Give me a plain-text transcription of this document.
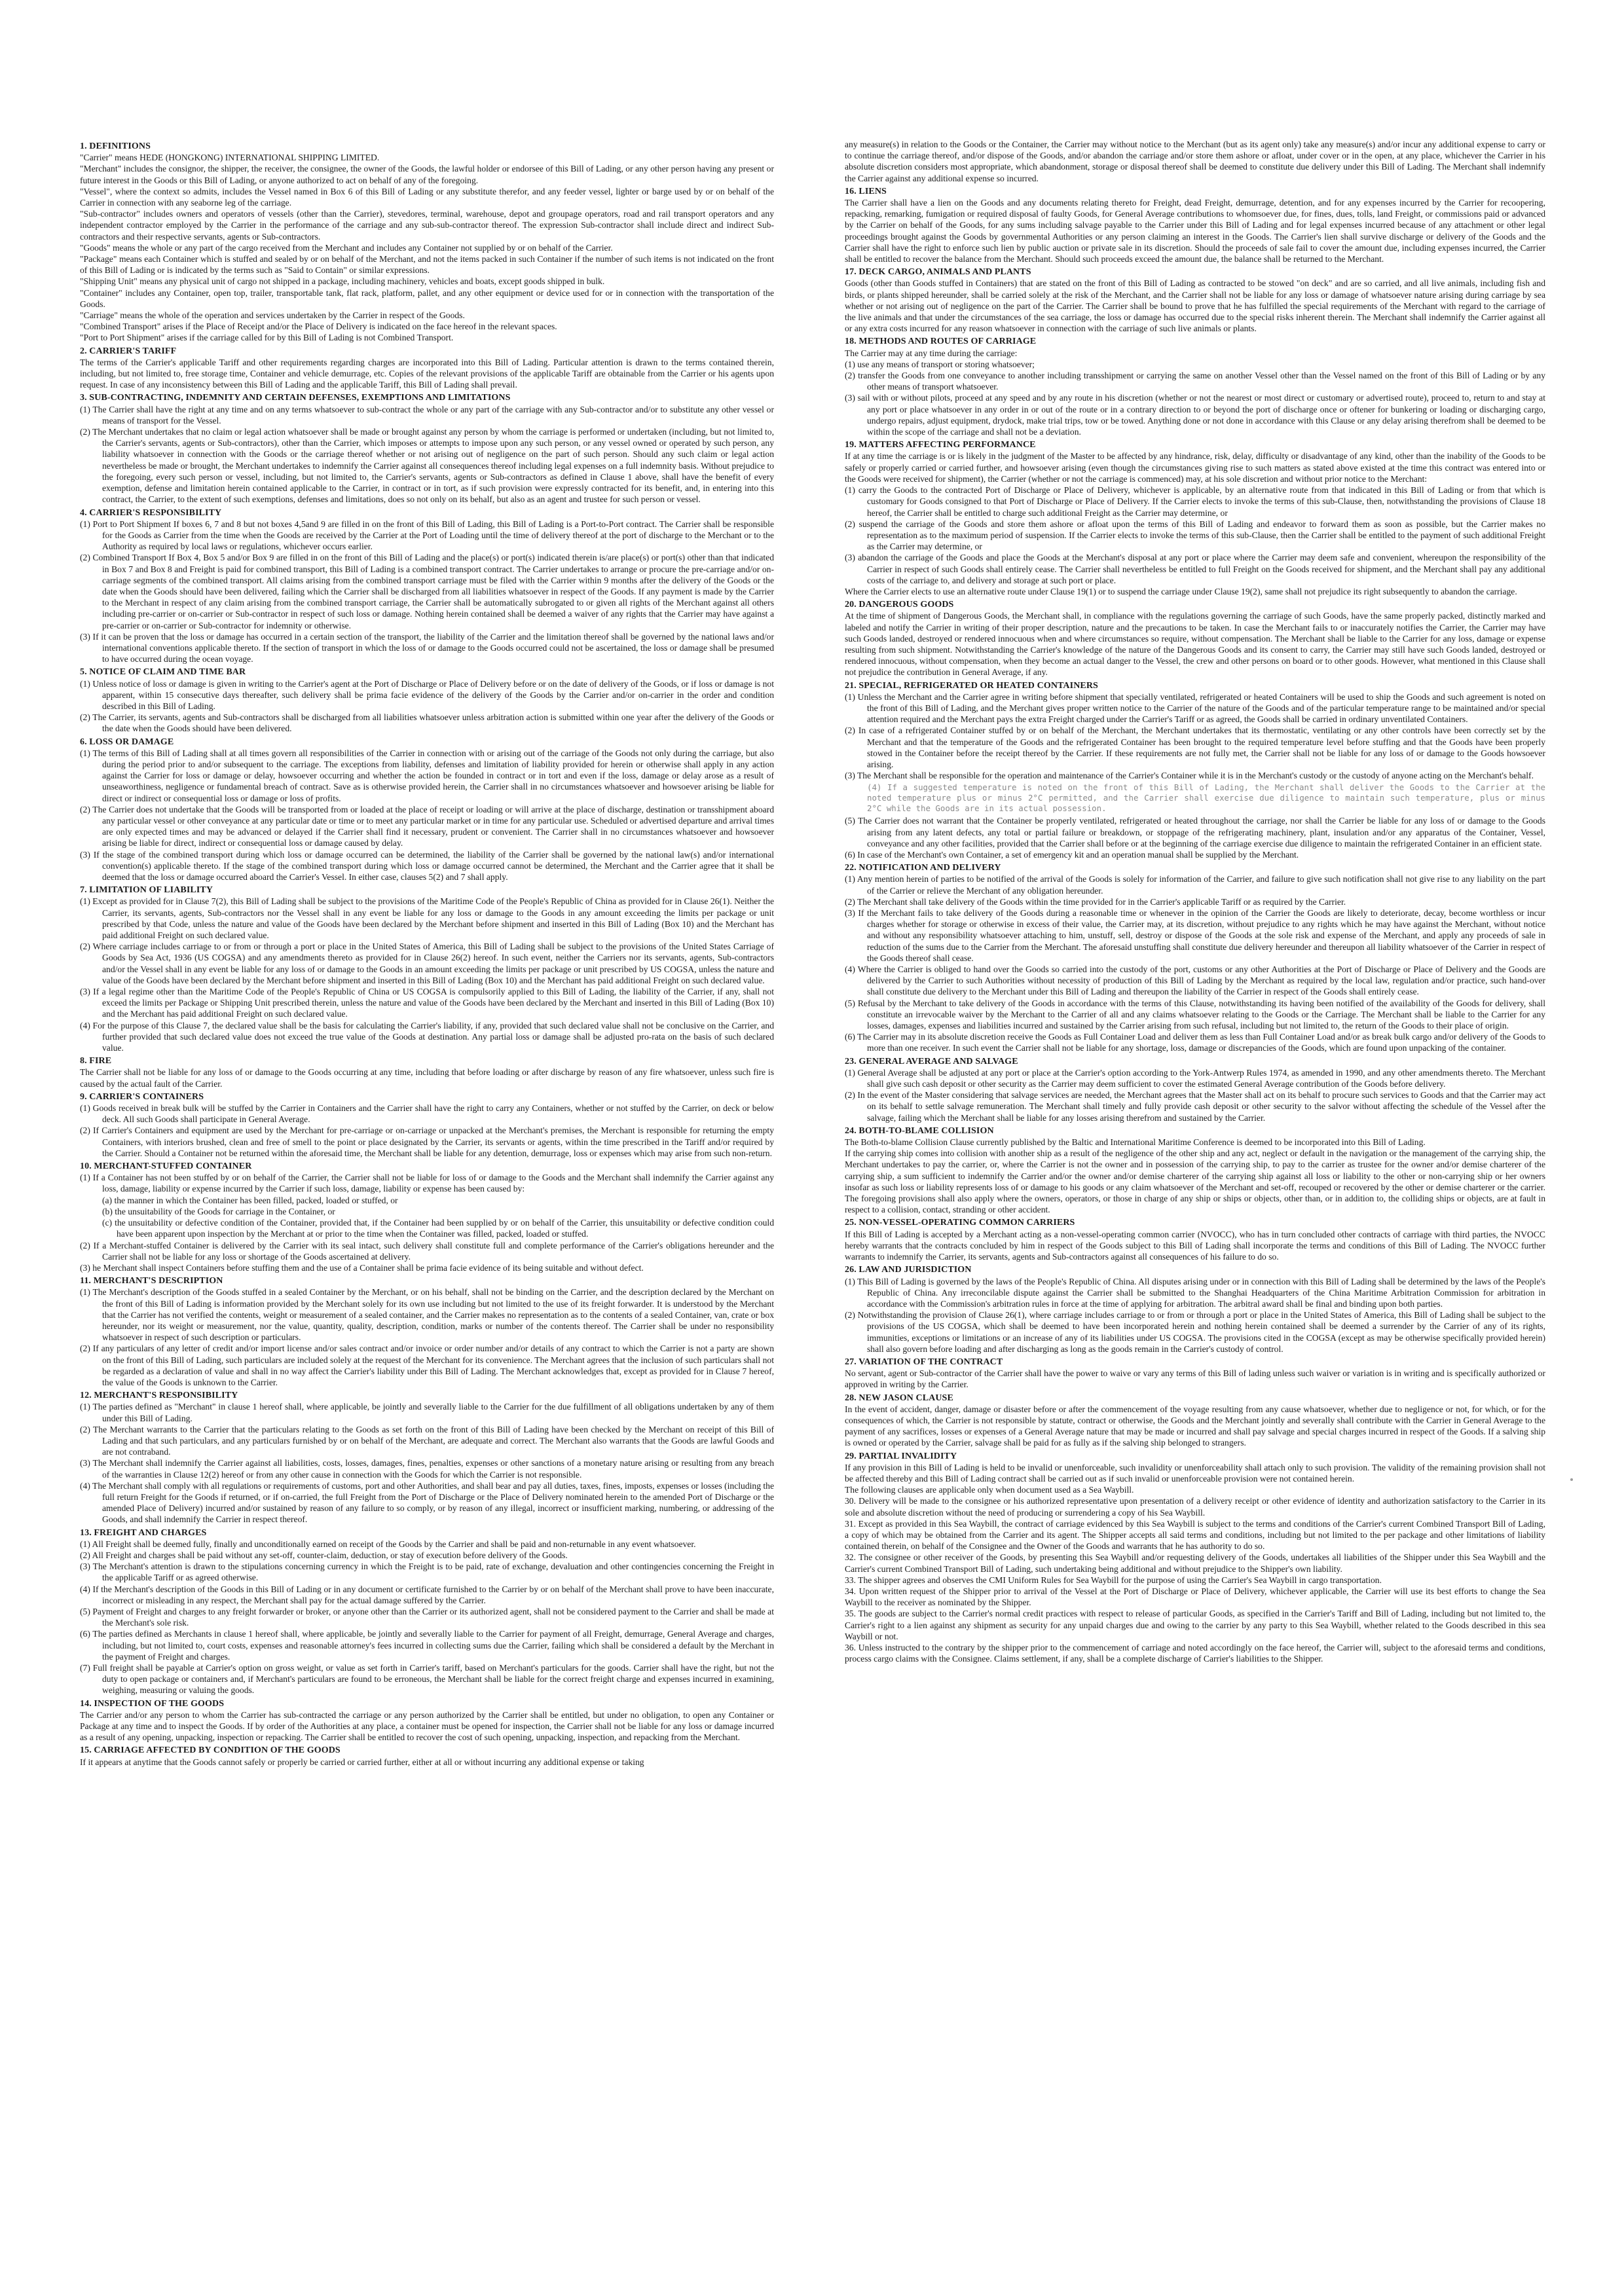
1. DEFINITIONS

"Carrier" means HEDE (HONGKONG) INTERNATIONAL SHIPPING LIMITED.

"Merchant" includes the consignor, the shipper, the receiver, the consignee, the owner of the Goods, the lawful holder or endorsee of this Bill of Lading, or any other person having any present or future interest in the Goods or this Bill of Lading, or anyone authorized to act on behalf of any of the foregoing.

"Vessel", where the context so admits, includes the Vessel named in Box 6 of this Bill of Lading or any substitute therefor, and any feeder vessel, lighter or barge used by or on behalf of the Carrier in connection with any seaborne leg of the carriage.

"Sub-contractor" includes owners and operators of vessels (other than the Carrier), stevedores, terminal, warehouse, depot and groupage operators, road and rail transport operators and any independent contractor employed by the Carrier in the performance of the carriage and any sub-sub-contractor thereof. The expression Sub-contractor shall include direct and indirect Sub-contractors and their respective servants, agents or Sub-contractors.

"Goods" means the whole or any part of the cargo received from the Merchant and includes any Container not supplied by or on behalf of the Carrier.

"Package" means each Container which is stuffed and sealed by or on behalf of the Merchant, and not the items packed in such Container if the number of such items is not indicated on the front of this Bill of Lading or is indicated by the terms such as "Said to Contain" or similar expressions.

"Shipping Unit" means any physical unit of cargo not shipped in a package, including machinery, vehicles and boats, except goods shipped in bulk.

"Container" includes any Container, open top, trailer, transportable tank, flat rack, platform, pallet, and any other equipment or device used for or in connection with the transportation of the Goods.

"Carriage" means the whole of the operation and services undertaken by the Carrier in respect of the Goods.

"Combined Transport" arises if the Place of Receipt and/or the Place of Delivery is indicated on the face hereof in the relevant spaces.

"Port to Port Shipment" arises if the carriage called for by this Bill of Lading is not Combined Transport.

2. CARRIER'S TARIFF

The terms of the Carrier's applicable Tariff and other requirements regarding charges are incorporated into this Bill of Lading. Particular attention is drawn to the terms contained therein, including, but not limited to, free storage time, Container and vehicle demurrage, etc. Copies of the relevant provisions of the applicable Tariff are obtainable from the Carrier or his agents upon request. In case of any inconsistency between this Bill of Lading and the applicable Tariff, this Bill of Lading shall prevail.

3. SUB-CONTRACTING, INDEMNITY AND CERTAIN DEFENSES, EXEMPTIONS AND LIMITATIONS

(1) The Carrier shall have the right at any time and on any terms whatsoever to sub-contract the whole or any part of the carriage with any Sub-contractor and/or to substitute any other vessel or means of transport for the Vessel.

(2) The Merchant undertakes that no claim or legal action whatsoever shall be made or brought against any person by whom the carriage is performed or undertaken (including, but not limited to, the Carrier's servants, agents or Sub-contractors), other than the Carrier, which imposes or attempts to impose upon any such person, or any vessel owned or operated by such person, any liability whatsoever in connection with the Goods or the carriage thereof whether or not arising out of negligence on the part of such person. Should any such claim or legal action nevertheless be made or brought, the Merchant undertakes to indemnify the Carrier against all consequences thereof including legal expenses on a full indemnity basis. Without prejudice to the foregoing, every such person or vessel, including, but not limited to, the Carrier's servants, agents or Sub-contractors as defined in Clause 1 above, shall have the benefit of every exemption, defense and limitation herein contained applicable to the Carrier, in contract or in tort, as if such provision were expressly contracted for its benefit, and, in entering into this contract, the Carrier, to the extent of such exemptions, defenses and limitations, does so not only on its behalf, but also as an agent and trustee for such person or vessel.

4. CARRIER'S RESPONSIBILITY

(1) Port to Port Shipment If boxes 6, 7 and 8 but not boxes 4,5and 9 are filled in on the front of this Bill of Lading, this Bill of Lading is a Port-to-Port contract. The Carrier shall be responsible for the Goods as Carrier from the time when the Goods are received by the Carrier at the Port of Loading until the time of delivery thereof at the port of discharge to the Merchant or to the Authority as required by local laws or regulations, whichever occurs earlier.

(2) Combined Transport If Box 4, Box 5 and/or Box 9 are filled in on the front of this Bill of Lading and the place(s) or port(s) indicated therein is/are place(s) or port(s) other than that indicated in Box 7 and Box 8 and Freight is paid for combined transport, this Bill of Lading is a combined transport contract. The Carrier undertakes to arrange or procure the pre-carriage and/or on-carriage segments of the combined transport. All claims arising from the combined transport carriage must be filed with the Carrier within 9 months after the delivery of the Goods or the date when the Goods should have been delivered, failing which the Carrier shall be discharged from all liabilities whatsoever in respect of the Goods. If any payment is made by the Carrier to the Merchant in respect of any claim arising from the combined transport carriage, the Carrier shall be automatically subrogated to or given all rights of the Merchant against all others including pre-carrier or on-carrier or Sub-contractor in respect of such loss or damage. Nothing herein contained shall be deemed a waiver of any rights that the Carrier may have against a pre-carrier or on-carrier or Sub-contractor for indemnity or otherwise.

(3) If it can be proven that the loss or damage has occurred in a certain section of the transport, the liability of the Carrier and the limitation thereof shall be governed by the national laws and/or international conventions applicable thereto. If the section of transport in which the loss of or damage to the Goods occurred could not be ascertained, the loss or damage shall be presumed to have occurred during the ocean voyage.

5. NOTICE OF CLAIM AND TIME BAR

(1) Unless notice of loss or damage is given in writing to the Carrier's agent at the Port of Discharge or Place of Delivery before or on the date of delivery of the Goods, or if loss or damage is not apparent, within 15 consecutive days thereafter, such delivery shall be prima facie evidence of the delivery of the Goods by the Carrier and/or on-carrier in the order and condition described in this Bill of Lading.

(2) The Carrier, its servants, agents and Sub-contractors shall be discharged from all liabilities whatsoever unless arbitration action is submitted within one year after the delivery of the Goods or the date when the Goods should have been delivered.

6. LOSS OR DAMAGE

(1) The terms of this Bill of Lading shall at all times govern all responsibilities of the Carrier in connection with or arising out of the carriage of the Goods not only during the carriage, but also during the period prior to and/or subsequent to the carriage. The exceptions from liability, defenses and limitation of liability provided for herein or otherwise shall apply in any action against the Carrier for loss or damage or delay, howsoever occurring and whether the action be founded in contract or in tort and even if the loss, damage or delay arose as a result of unseaworthiness, negligence or fundamental breach of contract. Save as is otherwise provided herein, the Carrier shall in no circumstances whatsoever and howsoever arising be liable for direct or indirect or consequential loss or damage or loss of profits.

(2) The Carrier does not undertake that the Goods will be transported from or loaded at the place of receipt or loading or will arrive at the place of discharge, destination or transshipment aboard any particular vessel or other conveyance at any particular date or time or to meet any particular market or in time for any particular use. Scheduled or advertised departure and arrival times are only expected times and may be advanced or delayed if the Carrier shall find it necessary, prudent or convenient. The Carrier shall in no circumstances whatsoever and howsoever arising be liable for direct, indirect or consequential loss or damage caused by delay.

(3) If the stage of the combined transport during which loss or damage occurred can be determined, the liability of the Carrier shall be governed by the national law(s) and/or international convention(s) applicable thereto. If the stage of the combined transport during which loss or damage occurred cannot be determined, the Merchant and the Carrier agree that it shall be deemed that the loss or damage occurred aboard the Carrier's Vessel. In either case, clauses 5(2) and 7 shall apply.

7. LIMITATION OF LIABILITY

(1) Except as provided for in Clause 7(2), this Bill of Lading shall be subject to the provisions of the Maritime Code of the People's Republic of China as provided for in Clause 26(1). Neither the Carrier, its servants, agents, Sub-contractors nor the Vessel shall in any event be liable for any loss or damage to the Goods in any amount exceeding the limits per package or unit prescribed by that Code, unless the nature and value of the Goods have been declared by the Merchant before shipment and inserted in this Bill of Lading (Box 10) and the Merchant has paid additional Freight on such declared value.

(2) Where carriage includes carriage to or from or through a port or place in the United States of America, this Bill of Lading shall be subject to the provisions of the United States Carriage of Goods by Sea Act, 1936 (US COGSA) and any amendments thereto as provided for in Clause 26(2) hereof. In such event, neither the Carriers nor its servants, agents, Sub-contractors and/or the Vessel shall in any event be liable for any loss of or damage to the Goods in an amount exceeding the limits per package or unit prescribed by US COGSA, unless the nature and value of the Goods have been declared by the Merchant before shipment and inserted in this Bill of Lading (Box 10) and the Merchant has paid additional Freight on such declared value.

(3) If a legal regime other than the Maritime Code of the People's Republic of China or US COGSA is compulsorily applied to this Bill of Lading, the liability of the Carrier, if any, shall not exceed the limits per Package or Shipping Unit prescribed therein, unless the nature and value of the Goods have been declared by the Merchant and inserted in this Bill of Lading (Box 10) and the Merchant has paid additional Freight on such declared value.

(4) For the purpose of this Clause 7, the declared value shall be the basis for calculating the Carrier's liability, if any, provided that such declared value shall not be conclusive on the Carrier, and further provided that such declared value does not exceed the true value of the Goods at destination. Any partial loss or damage shall be adjusted pro-rata on the basis of such declared value.

8. FIRE

The Carrier shall not be liable for any loss of or damage to the Goods occurring at any time, including that before loading or after discharge by reason of any fire whatsoever, unless such fire is caused by the actual fault of the Carrier.

9. CARRIER'S CONTAINERS

(1) Goods received in break bulk will be stuffed by the Carrier in Containers and the Carrier shall have the right to carry any Containers, whether or not stuffed by the Carrier, on deck or below deck. All such Goods shall participate in General Average.

(2) If Carrier's Containers and equipment are used by the Merchant for pre-carriage or on-carriage or unpacked at the Merchant's premises, the Merchant is responsible for returning the empty Containers, with interiors brushed, clean and free of smell to the point or place designated by the Carrier, its servants or agents, within the time prescribed in the Tariff and/or required by the Carrier. Should a Container not be returned within the aforesaid time, the Merchant shall be liable for any detention, demurrage, loss or expenses which may arise from such non-return.

10. MERCHANT-STUFFED CONTAINER

(1) If a Container has not been stuffed by or on behalf of the Carrier, the Carrier shall not be liable for loss of or damage to the Goods and the Merchant shall indemnify the Carrier against any loss, damage, liability or expense incurred by the Carrier if such loss, damage, liability or expense has been caused by:

(a) the manner in which the Container has been filled, packed, loaded or stuffed, or

(b) the unsuitability of the Goods for carriage in the Container, or

(c) the unsuitability or defective condition of the Container, provided that, if the Container had been supplied by or on behalf of the Carrier, this unsuitability or defective condition could have been apparent upon inspection by the Merchant at or prior to the time when the Container was filled, packed, loaded or stuffed.

(2) If a Merchant-stuffed Container is delivered by the Carrier with its seal intact, such delivery shall constitute full and complete performance of the Carrier's obligations hereunder and the Carrier shall not be liable for any loss or shortage of the Goods ascertained at delivery.

(3) he Merchant shall inspect Containers before stuffing them and the use of a Container shall be prima facie evidence of its being suitable and without defect.

11. MERCHANT'S DESCRIPTION

(1) The Merchant's description of the Goods stuffed in a sealed Container by the Merchant, or on his behalf, shall not be binding on the Carrier, and the description declared by the Merchant on the front of this Bill of Lading is information provided by the Merchant solely for its own use including but not limited to the use of its freight forwarder. It is understood by the Merchant that the Carrier has not verified the contents, weight or measurement of a sealed container, and the Carrier makes no representation as to the contents of a sealed Container, van, crate or box hereunder, nor its weight or measurement, nor the value, quantity, quality, description, condition, marks or number of the contents thereof. The Carrier shall be under no responsibility whatsoever in respect of such description or particulars.

(2) If any particulars of any letter of credit and/or import license and/or sales contract and/or invoice or order number and/or details of any contract to which the Carrier is not a party are shown on the front of this Bill of Lading, such particulars are included solely at the request of the Merchant for its convenience. The Merchant agrees that the inclusion of such particulars shall not be regarded as a declaration of value and shall in no way affect the Carrier's liability under this Bill of Lading. The Merchant acknowledges that, except as provided for in Clause 7 hereof, the value of the Goods is unknown to the Carrier.

12. MERCHANT'S RESPONSIBILITY

(1) The parties defined as "Merchant" in clause 1 hereof shall, where applicable, be jointly and severally liable to the Carrier for the due fulfillment of all obligations undertaken by any of them under this Bill of Lading.

(2) The Merchant warrants to the Carrier that the particulars relating to the Goods as set forth on the front of this Bill of Lading have been checked by the Merchant on receipt of this Bill of Lading and that such particulars, and any particulars furnished by or on behalf of the Merchant, are adequate and correct. The Merchant also warrants that the Goods are lawful Goods and are not contraband.

(3) The Merchant shall indemnify the Carrier against all liabilities, costs, losses, damages, fines, penalties, expenses or other sanctions of a monetary nature arising or resulting from any breach of the warranties in Clause 12(2) hereof or from any other cause in connection with the Goods for which the Carrier is not responsible.

(4) The Merchant shall comply with all regulations or requirements of customs, port and other Authorities, and shall bear and pay all duties, taxes, fines, imposts, expenses or losses (including the full return Freight for the Goods if returned, or if on-carried, the full Freight from the Port of Discharge or the Place of Delivery nominated herein to the amended Port of Discharge or the amended Place of Delivery) incurred and/or sustained by reason of any failure to so comply, or by reason of any illegal, incorrect or insufficient marking, numbering, or addressing of the Goods, and shall indemnify the Carrier in respect thereof.

13. FREIGHT AND CHARGES

(1) All Freight shall be deemed fully, finally and unconditionally earned on receipt of the Goods by the Carrier and shall be paid and non-returnable in any event whatsoever.

(2) All Freight and charges shall be paid without any set-off, counter-claim, deduction, or stay of execution before delivery of the Goods.

(3) The Merchant's attention is drawn to the stipulations concerning currency in which the Freight is to be paid, rate of exchange, devaluation and other contingencies concerning the Freight in the applicable Tariff or as agreed otherwise.

(4) If the Merchant's description of the Goods in this Bill of Lading or in any document or certificate furnished to the Carrier by or on behalf of the Merchant shall prove to have been inaccurate, incorrect or misleading in any respect, the Merchant shall pay for the actual damage suffered by the Carrier.

(5) Payment of Freight and charges to any freight forwarder or broker, or anyone other than the Carrier or its authorized agent, shall not be considered payment to the Carrier and shall be made at the Merchant's sole risk.

(6) The parties defined as Merchants in clause 1 hereof shall, where applicable, be jointly and severally liable to the Carrier for payment of all Freight, demurrage, General Average and charges, including, but not limited to, court costs, expenses and reasonable attorney's fees incurred in collecting sums due the Carrier, failing which shall be considered a default by the Merchant in the payment of Freight and charges.

(7) Full freight shall be payable at Carrier's option on gross weight, or value as set forth in Carrier's tariff, based on Merchant's particulars for the goods. Carrier shall have the right, but not the duty to open package or containers and, if Merchant's particulars are found to be erroneous, the Merchant shall be liable for the correct freight charge and expenses incurred in examining, weighing, measuring or valuing the goods.

14. INSPECTION OF THE GOODS

The Carrier and/or any person to whom the Carrier has sub-contracted the carriage or any person authorized by the Carrier shall be entitled, but under no obligation, to open any Container or Package at any time and to inspect the Goods. If by order of the Authorities at any place, a container must be opened for inspection, the Carrier shall not be liable for any loss or damage incurred as a result of any opening, unpacking, inspection or repacking. The Carrier shall be entitled to recover the cost of such opening, unpacking, inspection, and repacking from the Merchant.

15. CARRIAGE AFFECTED BY CONDITION OF THE GOODS

If it appears at anytime that the Goods cannot safely or properly be carried or carried further, either at all or without incurring any additional expense or taking

any measure(s) in relation to the Goods or the Container, the Carrier may without notice to the Merchant (but as its agent only) take any measure(s) and/or incur any additional expense to carry or to continue the carriage thereof, and/or dispose of the Goods, and/or abandon the carriage and/or store them ashore or afloat, under cover or in the open, at any place, whichever the Carrier in his absolute discretion considers most appropriate, which abandonment, storage or disposal thereof shall be deemed to constitute due delivery under this Bill of Lading. The Merchant shall indemnify the Carrier against any additional expense so incurred.

16. LIENS

The Carrier shall have a lien on the Goods and any documents relating thereto for Freight, dead Freight, demurrage, detention, and for any expenses incurred by the Carrier for recoopering, repacking, remarking, fumigation or required disposal of faulty Goods, for General Average contributions to whomsoever due, for fines, dues, tolls, land Freight, or commissions paid or advanced by the Carrier on behalf of the Goods, for any sums including salvage payable to the Carrier under this Bill of Lading and for legal expenses incurred because of any attachment or other legal proceedings brought against the Goods by governmental Authorities or any person claiming an interest in the Goods. The Carrier's lien shall survive discharge or delivery of the Goods and the Carrier shall have the right to enforce such lien by public auction or private sale in its discretion. Should the proceeds of sale fail to cover the amount due, including expenses incurred, the Carrier shall be entitled to recover the balance from the Merchant. Should such proceeds exceed the amount due, the balance shall be returned to the Merchant.

17. DECK CARGO, ANIMALS AND PLANTS

Goods (other than Goods stuffed in Containers) that are stated on the front of this Bill of Lading as contracted to be stowed "on deck" and are so carried, and all live animals, including fish and birds, or plants shipped hereunder, shall be carried solely at the risk of the Merchant, and the Carrier shall not be liable for any loss or damage of whatsoever nature arising during carriage by sea whether or not arising out of negligence on the part of the Carrier. The Carrier shall be bound to prove that he has fulfilled the special requirements of the Merchant with regard to the carriage of the live animals and that under the circumstances of the sea carriage, the loss or damage has occurred due to the special risks inherent therein. The Merchant shall indemnify the Carrier against all or any extra costs incurred for any reason whatsoever in connection with the carriage of such live animals or plants.

18. METHODS AND ROUTES OF CARRIAGE

The Carrier may at any time during the carriage:

(1) use any means of transport or storing whatsoever;

(2) transfer the Goods from one conveyance to another including transshipment or carrying the same on another Vessel other than the Vessel named on the front of this Bill of Lading or by any other means of transport whatsoever.

(3) sail with or without pilots, proceed at any speed and by any route in his discretion (whether or not the nearest or most direct or customary or advertised route), proceed to, return to and stay at any port or place whatsoever in any order in or out of the route or in a contrary direction to or beyond the port of discharge once or oftener for bunkering or loading or discharging cargo, undergo repairs, adjust equipment, drydock, make trial trips, tow or be towed. Anything done or not done in accordance with this Clause or any delay arising therefrom shall be deemed to be within the scope of the carriage and shall not be a deviation.

19. MATTERS AFFECTING PERFORMANCE

If at any time the carriage is or is likely in the judgment of the Master to be affected by any hindrance, risk, delay, difficulty or disadvantage of any kind, other than the inability of the Goods to be safely or properly carried or carried further, and howsoever arising (even though the circumstances giving rise to such matters as stated above existed at the time this contract was entered into or the Goods were received for shipment), the Carrier (whether or not the carriage is commenced) may, at his sole discretion and without prior notice to the Merchant:

(1) carry the Goods to the contracted Port of Discharge or Place of Delivery, whichever is applicable, by an alternative route from that indicated in this Bill of Lading or from that which is customary for Goods consigned to that Port of Discharge or Place of Delivery. If the Carrier elects to invoke the terms of this sub-Clause, then, notwithstanding the provisions of Clause 18 hereof, the Carrier shall be entitled to charge such additional Freight as the Carrier may determine, or

(2) suspend the carriage of the Goods and store them ashore or afloat upon the terms of this Bill of Lading and endeavor to forward them as soon as possible, but the Carrier makes no representation as to the maximum period of suspension. If the Carrier elects to invoke the terms of this sub-Clause, then the Carrier shall be entitled to the payment of such additional Freight as the Carrier may determine, or

(3) abandon the carriage of the Goods and place the Goods at the Merchant's disposal at any port or place where the Carrier may deem safe and convenient, whereupon the responsibility of the Carrier in respect of such Goods shall entirely cease. The Carrier shall nevertheless be entitled to full Freight on the Goods received for shipment, and the Merchant shall pay any additional costs of the carriage to, and delivery and storage at such port or place.

Where the Carrier elects to use an alternative route under Clause 19(1) or to suspend the carriage under Clause 19(2), same shall not prejudice its right subsequently to abandon the carriage.

20. DANGEROUS GOODS

At the time of shipment of Dangerous Goods, the Merchant shall, in compliance with the regulations governing the carriage of such Goods, have the same properly packed, distinctly marked and labeled and notify the Carrier in writing of their proper description, nature and the precautions to be taken. In case the Merchant fails to or inaccurately notifies the Carrier, the Carrier may have such Goods landed, destroyed or rendered innocuous when and where circumstances so require, without compensation. The Merchant shall be liable to the Carrier for any loss, damage or expense resulting from such shipment. Notwithstanding the Carrier's knowledge of the nature of the Dangerous Goods and its consent to carry, the Carrier may still have such Goods landed, destroyed or rendered innocuous, without compensation, when they become an actual danger to the Vessel, the crew and other persons on board or to other goods. However, what mentioned in this Clause shall not prejudice the contribution in General Average, if any.

21. SPECIAL, REFRIGERATED OR HEATED CONTAINERS

(1) Unless the Merchant and the Carrier agree in writing before shipment that specially ventilated, refrigerated or heated Containers will be used to ship the Goods and such agreement is noted on the front of this Bill of Lading, and the Merchant gives proper written notice to the Carrier of the nature of the Goods and of the particular temperature range to be maintained and/or special attention required and the Merchant pays the extra Freight charged under the Carrier's Tariff or as agreed, the Goods shall be carried in ordinary unventilated Containers.

(2) In case of a refrigerated Container stuffed by or on behalf of the Merchant, the Merchant undertakes that its thermostatic, ventilating or any other controls have been correctly set by the Merchant and that the temperature of the Goods and the refrigerated Container has been brought to the required temperature level before stuffing and that the Goods have been properly stowed in the Container before the receipt thereof by the Carrier. If these requirements are not fully met, the Carrier shall not be liable for any loss of or damage to the Goods howsoever arising.

(3) The Merchant shall be responsible for the operation and maintenance of the Carrier's Container while it is in the Merchant's custody or the custody of anyone acting on the Merchant's behalf.

(4) If a suggested temperature is noted on the front of this Bill of Lading, the Merchant shall deliver the Goods to the Carrier at the noted temperature plus or minus 2°C permitted, and the Carrier shall exercise due diligence to maintain such temperature, plus or minus 2°C while the Goods are in its actual possession.

(5) The Carrier does not warrant that the Container be properly ventilated, refrigerated or heated throughout the carriage, nor shall the Carrier be liable for any loss of or damage to the Goods arising from any latent defects, any total or partial failure or breakdown, or stoppage of the refrigerating machinery, plant, insulation and/or any apparatus of the Container, Vessel, conveyance and any other facilities, provided that the Carrier shall before or at the beginning of the carriage exercise due diligence to maintain the refrigerated Container in an efficient state.

(6) In case of the Merchant's own Container, a set of emergency kit and an operation manual shall be supplied by the Merchant.

22. NOTIFICATION AND DELIVERY

(1) Any mention herein of parties to be notified of the arrival of the Goods is solely for information of the Carrier, and failure to give such notification shall not give rise to any liability on the part of the Carrier or relieve the Merchant of any obligation hereunder.

(2) The Merchant shall take delivery of the Goods within the time provided for in the Carrier's applicable Tariff or as required by the Carrier.

(3) If the Merchant fails to take delivery of the Goods during a reasonable time or whenever in the opinion of the Carrier the Goods are likely to deteriorate, decay, become worthless or incur charges whether for storage or otherwise in excess of their value, the Carrier may, at its discretion, without prejudice to any rights which he may have against the Merchant, without notice and without any responsibility whatsoever attaching to him, unstuff, sell, destroy or dispose of the Goods at the sole risk and expense of the Merchant, and apply any proceeds of sale in reduction of the sums due to the Carrier from the Merchant. The aforesaid unstuffing shall constitute due delivery hereunder and thereupon all liability whatsoever of the Carrier in respect of the Goods thereof shall cease.

(4) Where the Carrier is obliged to hand over the Goods so carried into the custody of the port, customs or any other Authorities at the Port of Discharge or Place of Delivery and the Goods are delivered by the Carrier to such Authorities without necessity of production of this Bill of Lading by the Merchant as required by the local law, regulation and/or practice, such hand-over shall constitute due delivery to the Merchant under this Bill of Lading and thereupon the liability of the Carrier in respect of the Goods shall entirely cease.

(5) Refusal by the Merchant to take delivery of the Goods in accordance with the terms of this Clause, notwithstanding its having been notified of the availability of the Goods for delivery, shall constitute an irrevocable waiver by the Merchant to the Carrier of all and any claims whatsoever relating to the Goods or the Carriage. The Merchant shall be liable to the Carrier for any losses, damages, expenses and liabilities incurred and sustained by the Carrier arising from such refusal, including but not limited to, the return of the Goods to their place of origin.

(6) The Carrier may in its absolute discretion receive the Goods as Full Container Load and deliver them as less than Full Container Load and/or as break bulk cargo and/or delivery of the Goods to more than one receiver. In such event the Carrier shall not be liable for any shortage, loss, damage or discrepancies of the Goods, which are found upon unpacking of the container.

23. GENERAL AVERAGE AND SALVAGE

(1) General Average shall be adjusted at any port or place at the Carrier's option according to the York-Antwerp Rules 1974, as amended in 1990, and any other amendments thereto. The Merchant shall give such cash deposit or other security as the Carrier may deem sufficient to cover the estimated General Average contribution of the Goods before delivery.

(2) In the event of the Master considering that salvage services are needed, the Merchant agrees that the Master shall act on its behalf to procure such services to Goods and that the Carrier may act on its behalf to settle salvage remuneration. The Merchant shall timely and fully provide cash deposit or other security to the salvor without affecting the schedule of the Vessel after the salvage, failing which the Merchant shall be liable for any losses arising therefrom and sustained by the Carrier.

24. BOTH-TO-BLAME COLLISION

The Both-to-blame Collision Clause currently published by the Baltic and International Maritime Conference is deemed to be incorporated into this Bill of Lading.

If the carrying ship comes into collision with another ship as a result of the negligence of the other ship and any act, neglect or default in the navigation or the management of the carrying ship, the Merchant undertakes to pay the carrier, or, where the Carrier is not the owner and in possession of the carrying ship, to pay to the carrier as trustee for the owner and/or demise charterer of the carrying ship, a sum sufficient to indemnify the Carrier and/or the owner and/or demise charterer of the carrying ship against all loss or liability to the other or non-carrying ship or her owners insofar as such loss or liability represents loss of or damage to his goods or any claim whatsoever of the Merchant and set-off, recouped or recovered by the other or demise charterer or the carrier. The foregoing provisions shall also apply where the owners, operators, or those in charge of any ship or ships or objects, other than, or in addition to, the colliding ships or objects, are at fault in respect to a collision, contact, stranding or other accident.

25. NON-VESSEL-OPERATING COMMON CARRIERS

If this Bill of Lading is accepted by a Merchant acting as a non-vessel-operating common carrier (NVOCC), who has in turn concluded other contracts of carriage with third parties, the NVOCC hereby warrants that the contracts concluded by him in respect of the Goods subject to this Bill of Lading shall incorporate the terms and conditions of this Bill of Lading. The NVOCC further warrants to indemnify the Carrier, its servants, agents and Sub-contractors against all consequences of his failure to do so.

26. LAW AND JURISDICTION

(1) This Bill of Lading is governed by the laws of the People's Republic of China. All disputes arising under or in connection with this Bill of Lading shall be determined by the laws of the People's Republic of China. Any irreconcilable dispute against the Carrier shall be submitted to the Shanghai Headquarters of the China Maritime Arbitration Commission for arbitration in accordance with the Commission's arbitration rules in force at the time of applying for arbitration. The arbitral award shall be final and binding upon both parties.

(2) Notwithstanding the provision of Clause 26(1), where carriage includes carriage to or from or through a port or place in the United States of America, this Bill of Lading shall be subject to the provisions of the US COGSA, which shall be deemed to have been incorporated herein and nothing herein contained shall be deemed a surrender by the Carrier of any of its rights, immunities, exceptions or limitations or an increase of any of its liabilities under US COGSA. The provisions cited in the COGSA (except as may be otherwise specifically provided herein) shall also govern before loading and after discharging as long as the goods remain in the Carrier's custody of control.

27. VARIATION OF THE CONTRACT

No servant, agent or Sub-contractor of the Carrier shall have the power to waive or vary any terms of this Bill of lading unless such waiver or variation is in writing and is specifically authorized or approved in writing by the Carrier.

28. NEW JASON CLAUSE

In the event of accident, danger, damage or disaster before or after the commencement of the voyage resulting from any cause whatsoever, whether due to negligence or not, for which, or for the consequences of which, the Carrier is not responsible by statute, contract or otherwise, the Goods and the Merchant jointly and severally shall contribute with the Carrier in General Average to the payment of any sacrifices, losses or expenses of a General Average nature that may be made or incurred and shall pay salvage and special charges incurred in respect of the Goods. If a salving ship is owned or operated by the Carrier, salvage shall be paid for as fully as if the salving ship belonged to strangers.

29. PARTIAL INVALIDITY

If any provision in this Bill of Lading is held to be invalid or unenforceable, such invalidity or unenforceability shall attach only to such provision. The validity of the remaining provision shall not be affected thereby and this Bill of Lading contract shall be carried out as if such invalid or unenforceable provision were not contained herein.

The following clauses are applicable only when document used as a Sea Waybill.

30. Delivery will be made to the consignee or his authorized representative upon presentation of a delivery receipt or other evidence of identity and authorization satisfactory to the Carrier in its sole and absolute discretion without the need of producing or surrendering a copy of his Sea Waybill.

31. Except as provided in this Sea Waybill, the contract of carriage evidenced by this Sea Waybill is subject to the terms and conditions of the Carrier's current Combined Transport Bill of Lading, a copy of which may be obtained from the Carrier and its agent. The Shipper accepts all said terms and conditions, including but not limited to the per package and other limitations of liability contained therein, on behalf of the Consignee and the Owner of the Goods and warrants that he has authority to do so.

32. The consignee or other receiver of the Goods, by presenting this Sea Waybill and/or requesting delivery of the Goods, undertakes all liabilities of the Shipper under this Sea Waybill and the Carrier's current Combined Transport Bill of Lading, such undertaking being additional and without prejudice to the Shipper's own liability.

33. The shipper agrees and observes the CMI Uniform Rules for Sea Waybill for the purpose of using the Carrier's Sea Waybill in cargo transportation.

34. Upon written request of the Shipper prior to arrival of the Vessel at the Port of Discharge or Place of Delivery, whichever applicable, the Carrier will use its best efforts to change the Sea Waybill to the receiver as nominated by the Shipper.

35. The goods are subject to the Carrier's normal credit practices with respect to release of particular Goods, as specified in the Carrier's Tariff and Bill of Lading, including but not limited to, the Carrier's right to a lien against any shipment as security for any unpaid charges due and owing to the carrier by any party to this Sea Waybill, whether related to the Goods described in this sea Waybill or not.

36. Unless instructed to the contrary by the shipper prior to the commencement of carriage and noted accordingly on the face hereof, the Carrier will, subject to the aforesaid terms and conditions, process cargo claims with the Consignee. Claims settlement, if any, shall be a complete discharge of Carrier's liabilities to the Shipper.
